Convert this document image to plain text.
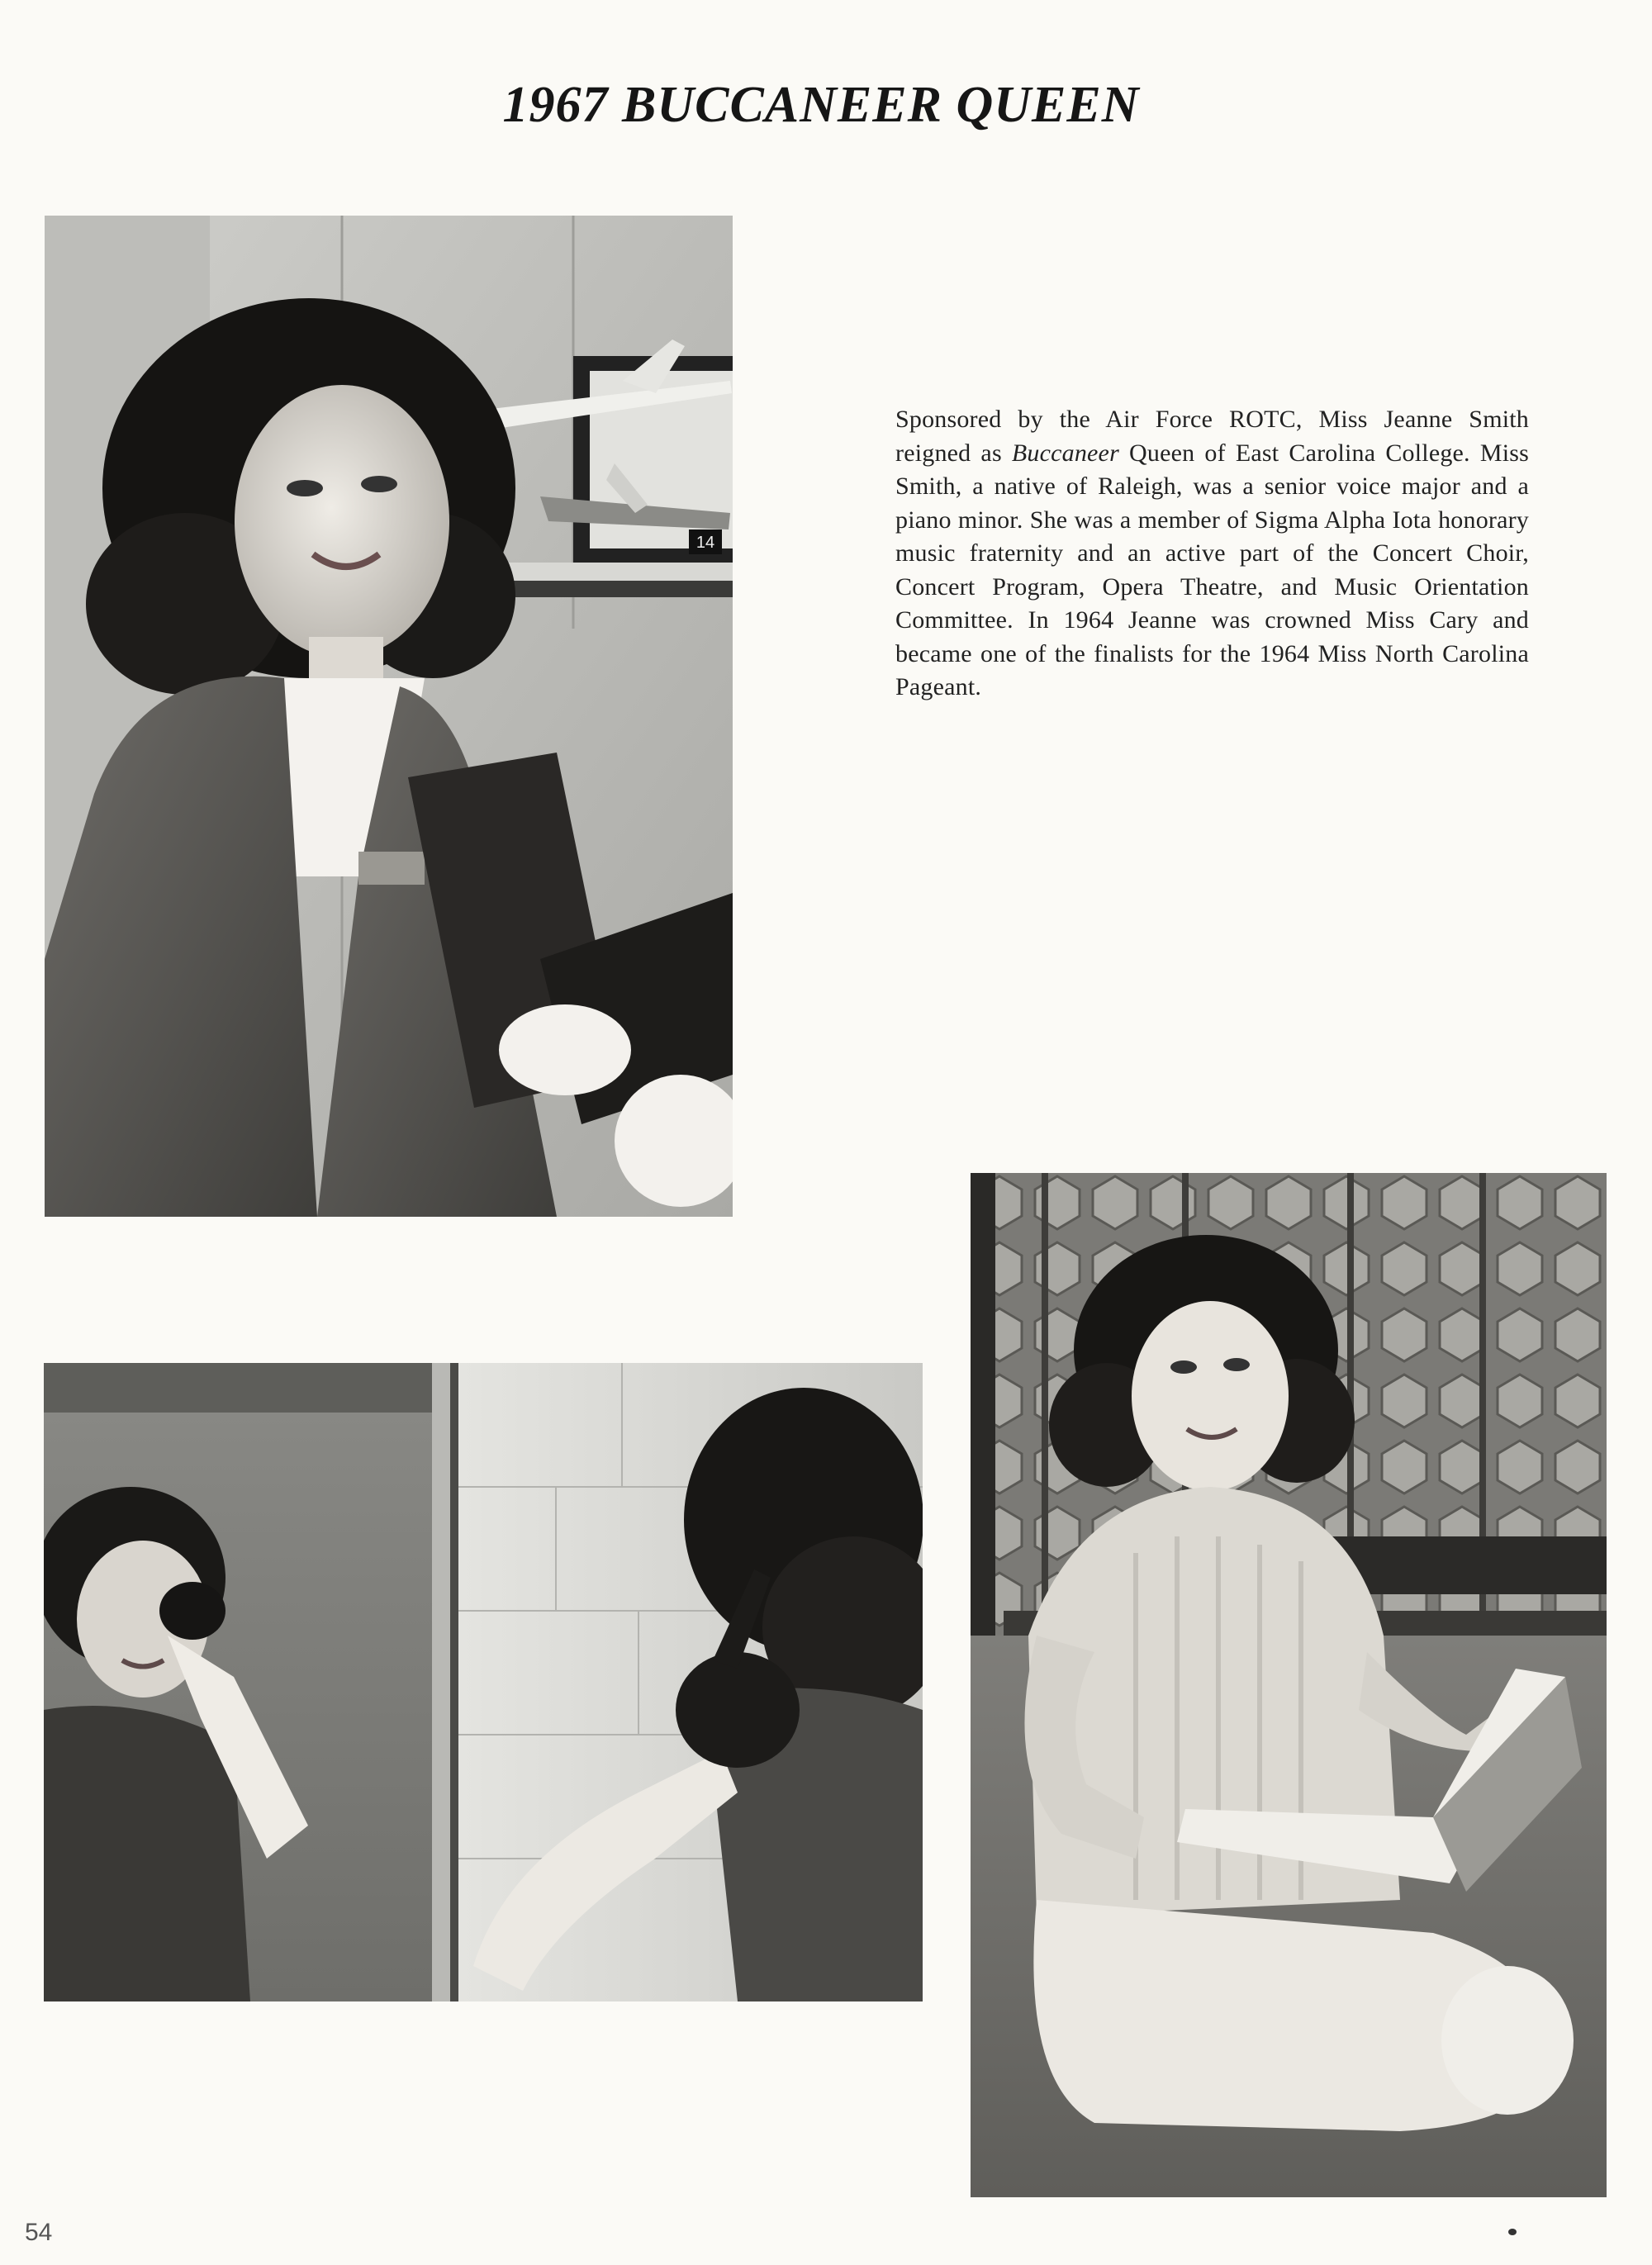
1967 BUCCANEER QUEEN
14
Sponsored by the Air Force ROTC, Miss Jeanne Smith reigned as Buccaneer Queen of East Carolina College. Miss Smith, a native of Raleigh, was a senior voice major and a piano minor. She was a member of Sigma Alpha Iota honorary music fraternity and an active part of the Concert Choir, Concert Program, Opera Theatre, and Music Orientation Committee. In 1964 Jeanne was crowned Miss Cary and became one of the finalists for the 1964 Miss North Carolina Pageant.
54
